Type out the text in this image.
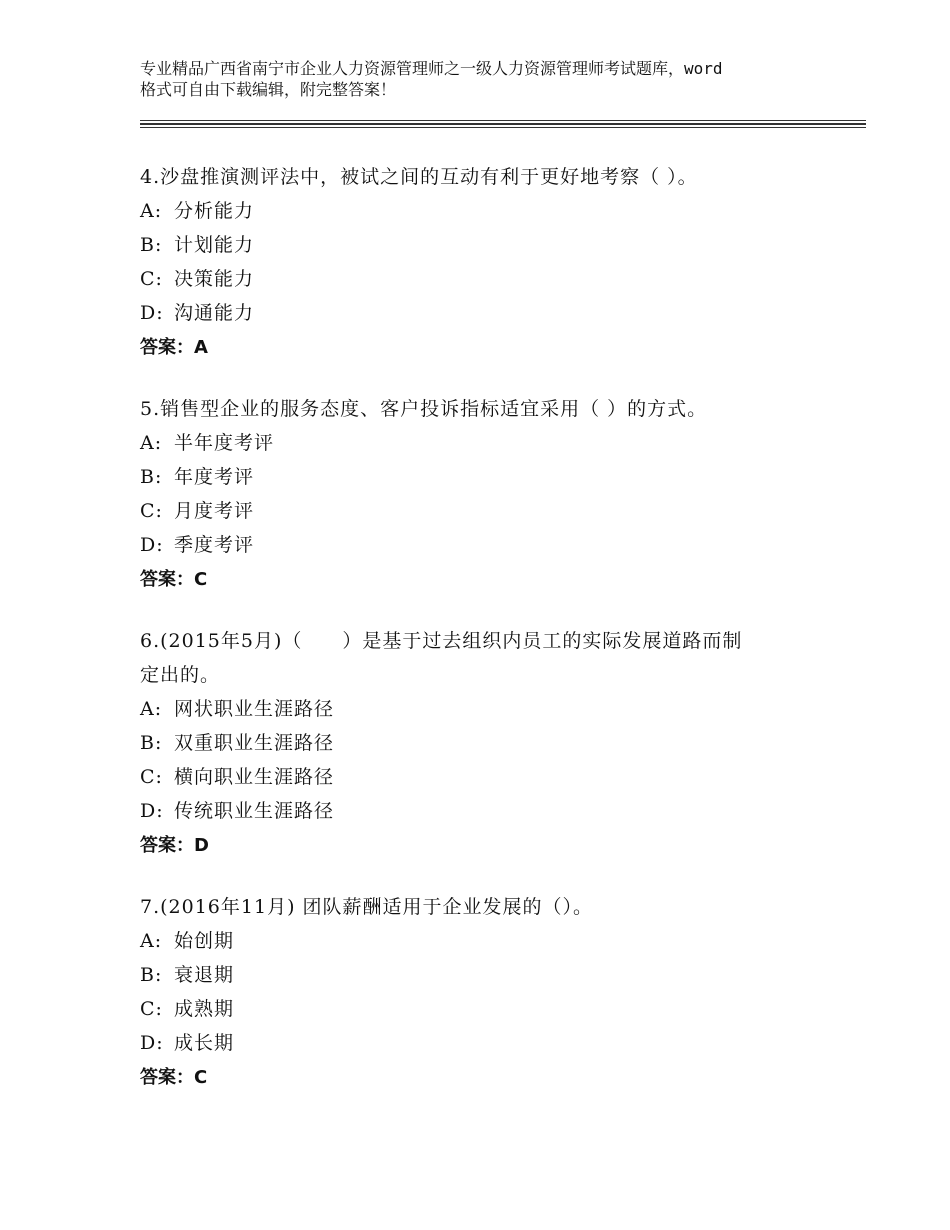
专业精品广西省南宁市企业人力资源管理师之一级人力资源管理师考试题库，word
格式可自由下载编辑，附完整答案！
4.沙盘推演测评法中，被试之间的互动有利于更好地考察（ ）。
A: 分析能力
B: 计划能力
C: 决策能力
D: 沟通能力
答案：A
5.销售型企业的服务态度、客户投诉指标适宜采用（ ）的方式。
A: 半年度考评
B: 年度考评
C: 月度考评
D: 季度考评
答案：C
6.(2015年5月)（　　）是基于过去组织内员工的实际发展道路而制
定出的。
A: 网状职业生涯路径
B: 双重职业生涯路径
C: 横向职业生涯路径
D: 传统职业生涯路径
答案：D
7.(2016年11月) 团队薪酬适用于企业发展的（）。
A: 始创期
B: 衰退期
C: 成熟期
D: 成长期
答案：C
